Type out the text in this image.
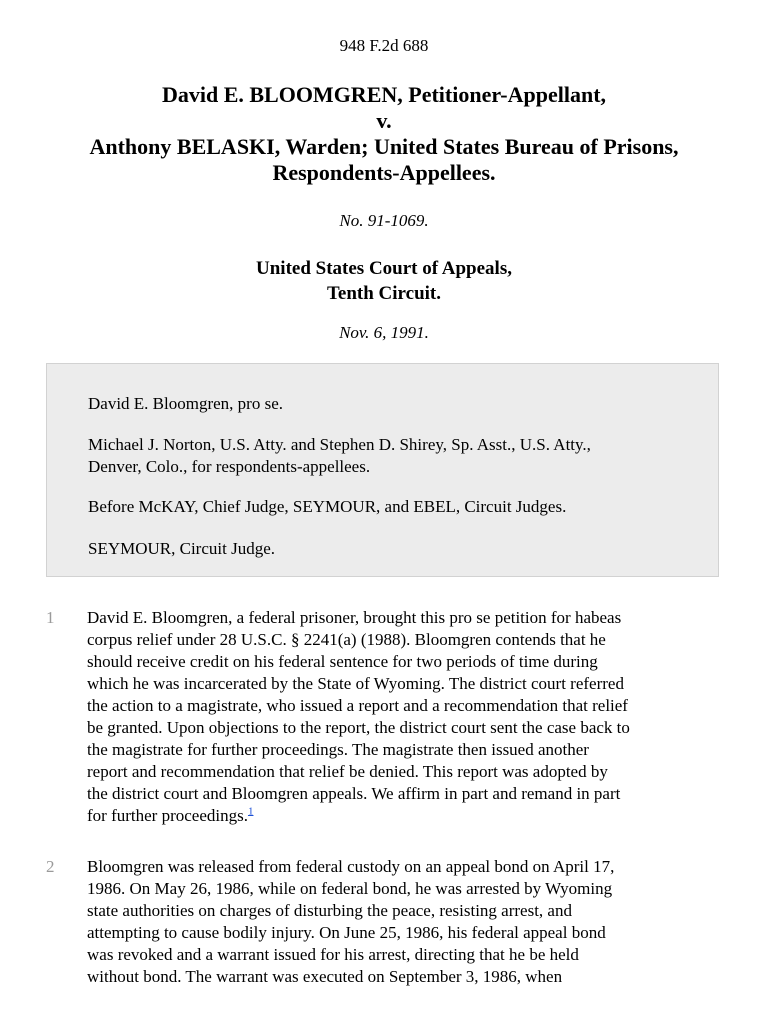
948 F.2d 688
David E. BLOOMGREN, Petitioner-Appellant,
v.
Anthony BELASKI, Warden; United States Bureau of Prisons,
Respondents-Appellees.
No. 91-1069.
United States Court of Appeals,
Tenth Circuit.
Nov. 6, 1991.

David E. Bloomgren, pro se.

Michael J. Norton, U.S. Atty. and Stephen D. Shirey, Sp. Asst., U.S. Atty.,

Denver, Colo., for respondents-appellees.

Before McKAY, Chief Judge, SEYMOUR, and EBEL, Circuit Judges.

SEYMOUR, Circuit Judge.

1 David E. Bloomgren, a federal prisoner, brought this pro se petition for habeas
corpus relief under 28 U.S.C. § 2241(a) (1988). Bloomgren contends that he
should receive credit on his federal sentence for two periods of time during
which he was incarcerated by the State of Wyoming. The district court referred
the action to a magistrate, who issued a report and a recommendation that relief
be granted. Upon objections to the report, the district court sent the case back to
the magistrate for further proceedings. The magistrate then issued another
report and recommendation that relief be denied. This report was adopted by
the district court and Bloomgren appeals. We affirm in part and remand in part
for further proceedings.$^1$
2 Bloomgren was released from federal custody on an appeal bond on April 17,
1986. On May 26, 1986, while on federal bond, he was arrested by Wyoming
state authorities on charges of disturbing the peace, resisting arrest, and
attempting to cause bodily injury. On June 25, 1986, his federal appeal bond
was revoked and a warrant issued for his arrest, directing that he be held
without bond. The warrant was executed on September 3, 1986, when
